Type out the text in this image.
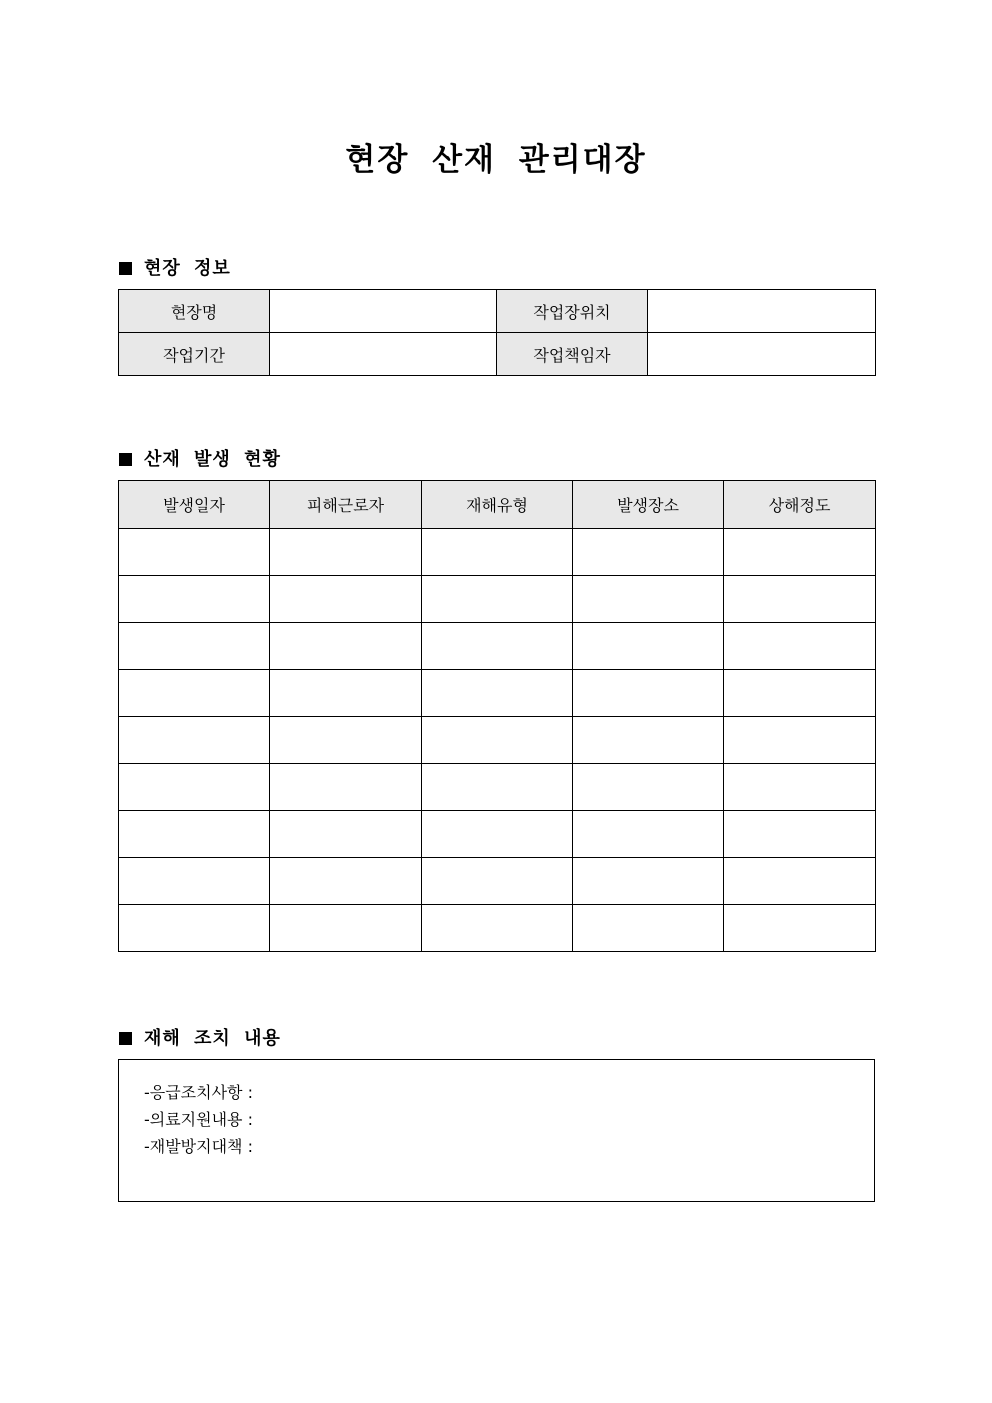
현장 산재 관리대장
현장 정보
현장명		작업장위치	
작업기간		작업책임자	
산재 발생 현황
발생일자	피해근로자	재해유형	발생장소	상해정도

재해 조치 내용
-응급조치사항 :
-의료지원내용 :
-재발방지대책 :
